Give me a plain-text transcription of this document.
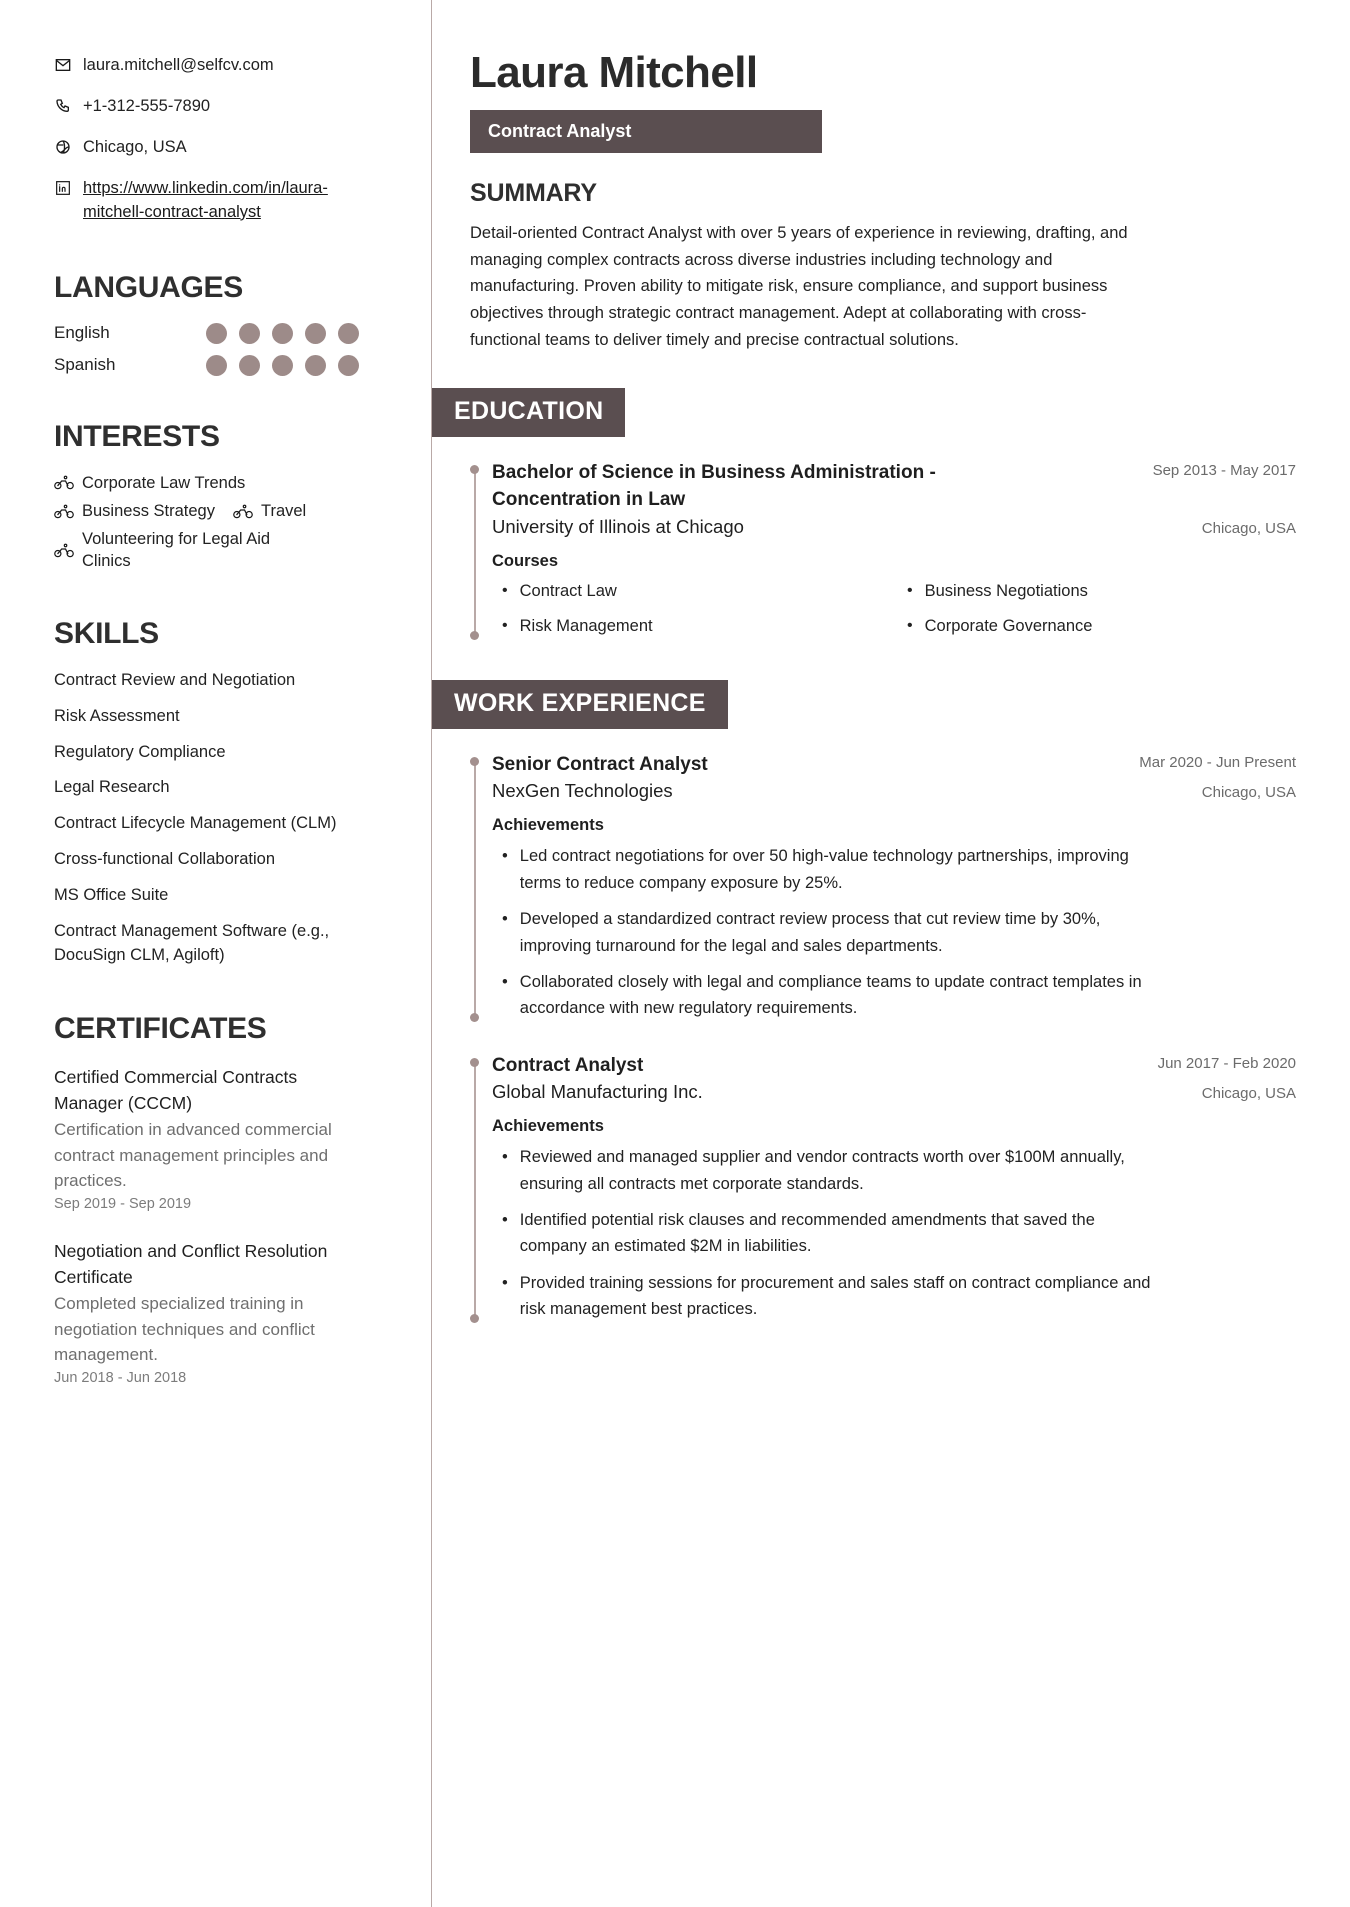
laura.mitchell@selfcv.com
+1-312-555-7890
Chicago, USA
https://www.linkedin.com/in/laura-mitchell-contract-analyst
LANGUAGES
English
Spanish
INTERESTS
Corporate Law Trends
Business Strategy	Travel
Volunteering for Legal Aid Clinics
SKILLS
Contract Review and Negotiation
Risk Assessment
Regulatory Compliance
Legal Research
Contract Lifecycle Management (CLM)
Cross-functional Collaboration
MS Office Suite
Contract Management Software (e.g., DocuSign CLM, Agiloft)
CERTIFICATES
Certified Commercial Contracts Manager (CCCM)
Certification in advanced commercial contract management principles and practices.
Sep 2019 - Sep 2019
Negotiation and Conflict Resolution Certificate
Completed specialized training in negotiation techniques and conflict management.
Jun 2018 - Jun 2018
Laura Mitchell
Contract Analyst
SUMMARY

Detail-oriented Contract Analyst with over 5 years of experience in reviewing, drafting, and managing complex contracts across diverse industries including technology and manufacturing. Proven ability to mitigate risk, ensure compliance, and support business objectives through strategic contract management. Adept at collaborating with cross-functional teams to deliver timely and precise contractual solutions.

EDUCATION
Bachelor of Science in Business Administration - Concentration in Law
Sep 2013 - May 2017
University of Illinois at Chicago	Chicago, USA
Courses
• Contract Law	• Business Negotiations
• Risk Management	• Corporate Governance
WORK EXPERIENCE
Senior Contract Analyst	Mar 2020 - Jun Present
NexGen Technologies	Chicago, USA
Achievements
• Led contract negotiations for over 50 high-value technology partnerships, improving terms to reduce company exposure by 25%.
• Developed a standardized contract review process that cut review time by 30%, improving turnaround for the legal and sales departments.
• Collaborated closely with legal and compliance teams to update contract templates in accordance with new regulatory requirements.
Contract Analyst	Jun 2017 - Feb 2020
Global Manufacturing Inc.	Chicago, USA
Achievements
• Reviewed and managed supplier and vendor contracts worth over $100M annually, ensuring all contracts met corporate standards.
• Identified potential risk clauses and recommended amendments that saved the company an estimated $2M in liabilities.
• Provided training sessions for procurement and sales staff on contract compliance and risk management best practices.
